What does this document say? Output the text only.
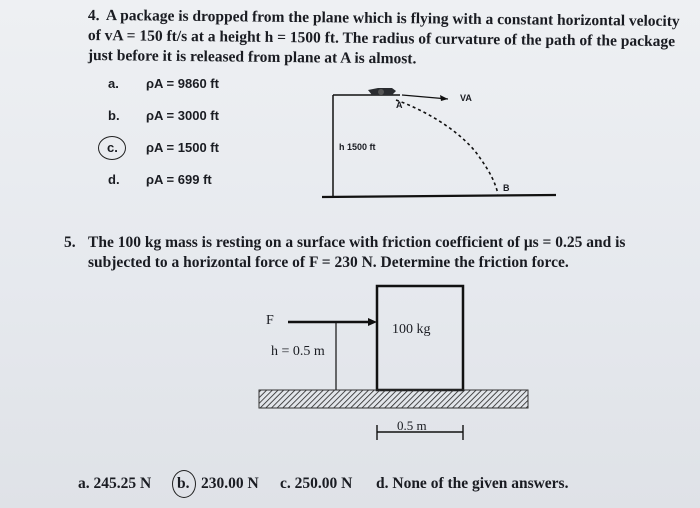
4. A package is dropped from the plane which is flying with a constant horizontal velocity
of vA = 150 ft/s at a height h = 1500 ft. The radius of curvature of the path of the package
just before it is released from plane at A is almost.
a. ρA = 9860 ft
b. ρA = 3000 ft
c. ρA = 1500 ft
d. ρA = 699 ft
VA
A
B
h 1500 ft
5. The 100 kg mass is resting on a surface with friction coefficient of μs = 0.25 and is
subjected to a horizontal force of F = 230 N. Determine the friction force.
F
100 kg
h = 0.5 m
0.5 m
a. 245.25 N b. 230.00 N c. 250.00 N d. None of the given answers.
